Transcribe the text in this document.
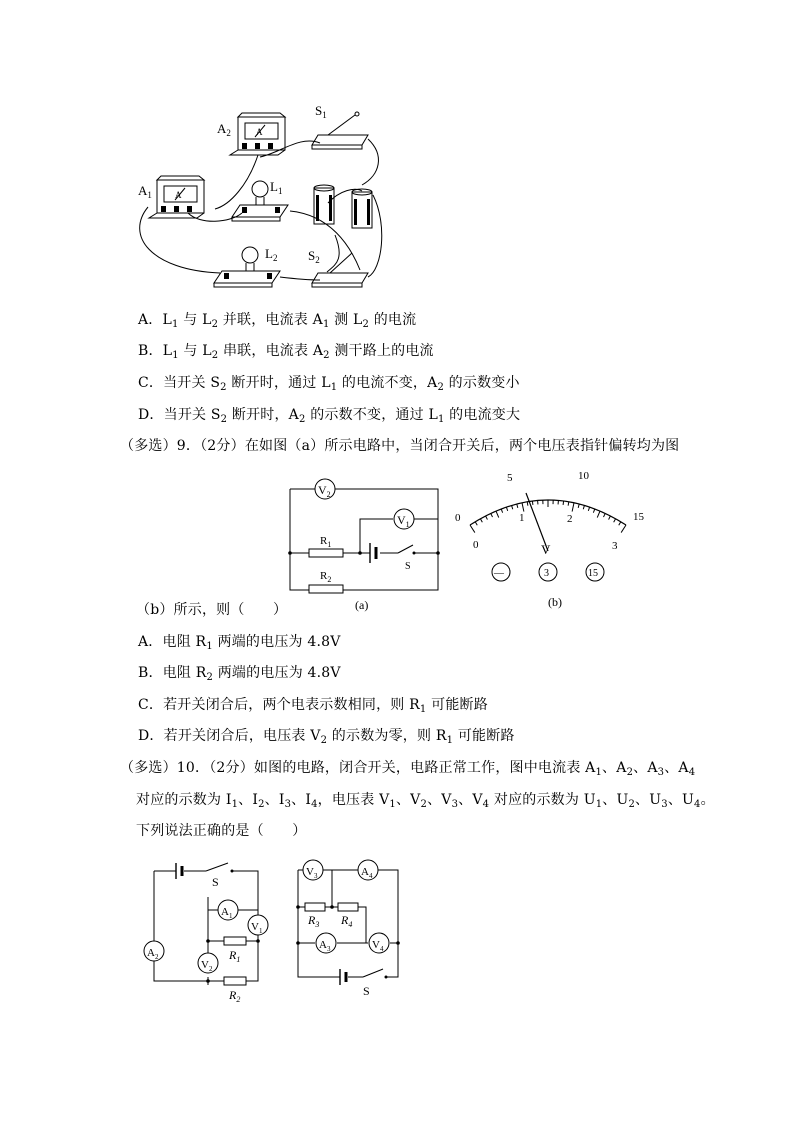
A
A
$A_2$
$A_1$
$S_1$
$L_1$
$L_2$ $S_2$
A．$L_1$ 与 $L_2$ 并联，电流表 $A_1$ 测 $L_2$ 的电流
B．$L_1$ 与 $L_2$ 串联，电流表 $A_2$ 测干路上的电流
C．当开关 $S_2$ 断开时，通过 $L_1$ 的电流不变，$A_2$ 的示数变小
D．当开关 $S_2$ 断开时，$A_2$ 的示数不变，通过 $L_1$ 的电流变大
（多选）9．（2分）在如图（a）所示电路中，当闭合开关后，两个电压表指针偏转均为图
$V_2$
$V_1$
$R_1$
$R_2$
S
(a)
0
5	10
15
0
1	2
3
V
—	3	15
(b)
（b）所示，则（　　）
A．电阻 $R_1$ 两端的电压为 4.8V
B．电阻 $R_2$ 两端的电压为 4.8V
C．若开关闭合后，两个电表示数相同，则 $R_1$ 可能断路
D．若开关闭合后，电压表 $V_2$ 的示数为零，则 $R_1$ 可能断路
（多选）10．（2分）如图的电路，闭合开关，电路正常工作，图中电流表 $A_1$、$A_2$、$A_3$、$A_4$
对应的示数为 $I_1$、$I_2$、$I_3$、$I_4$，电压表 $V_1$、$V_2$、$V_3$、$V_4$ 对应的示数为 $U_1$、$U_2$、$U_3$、$U_4$。
下列说法正确的是（　　）
S
$A_1$
$V_1$
$A_2$
$V_2$
$R_1$
$R_2$
$V_3$	$A_4$
$R_3$ $R_4$
$A_3$	$V_4$
S
